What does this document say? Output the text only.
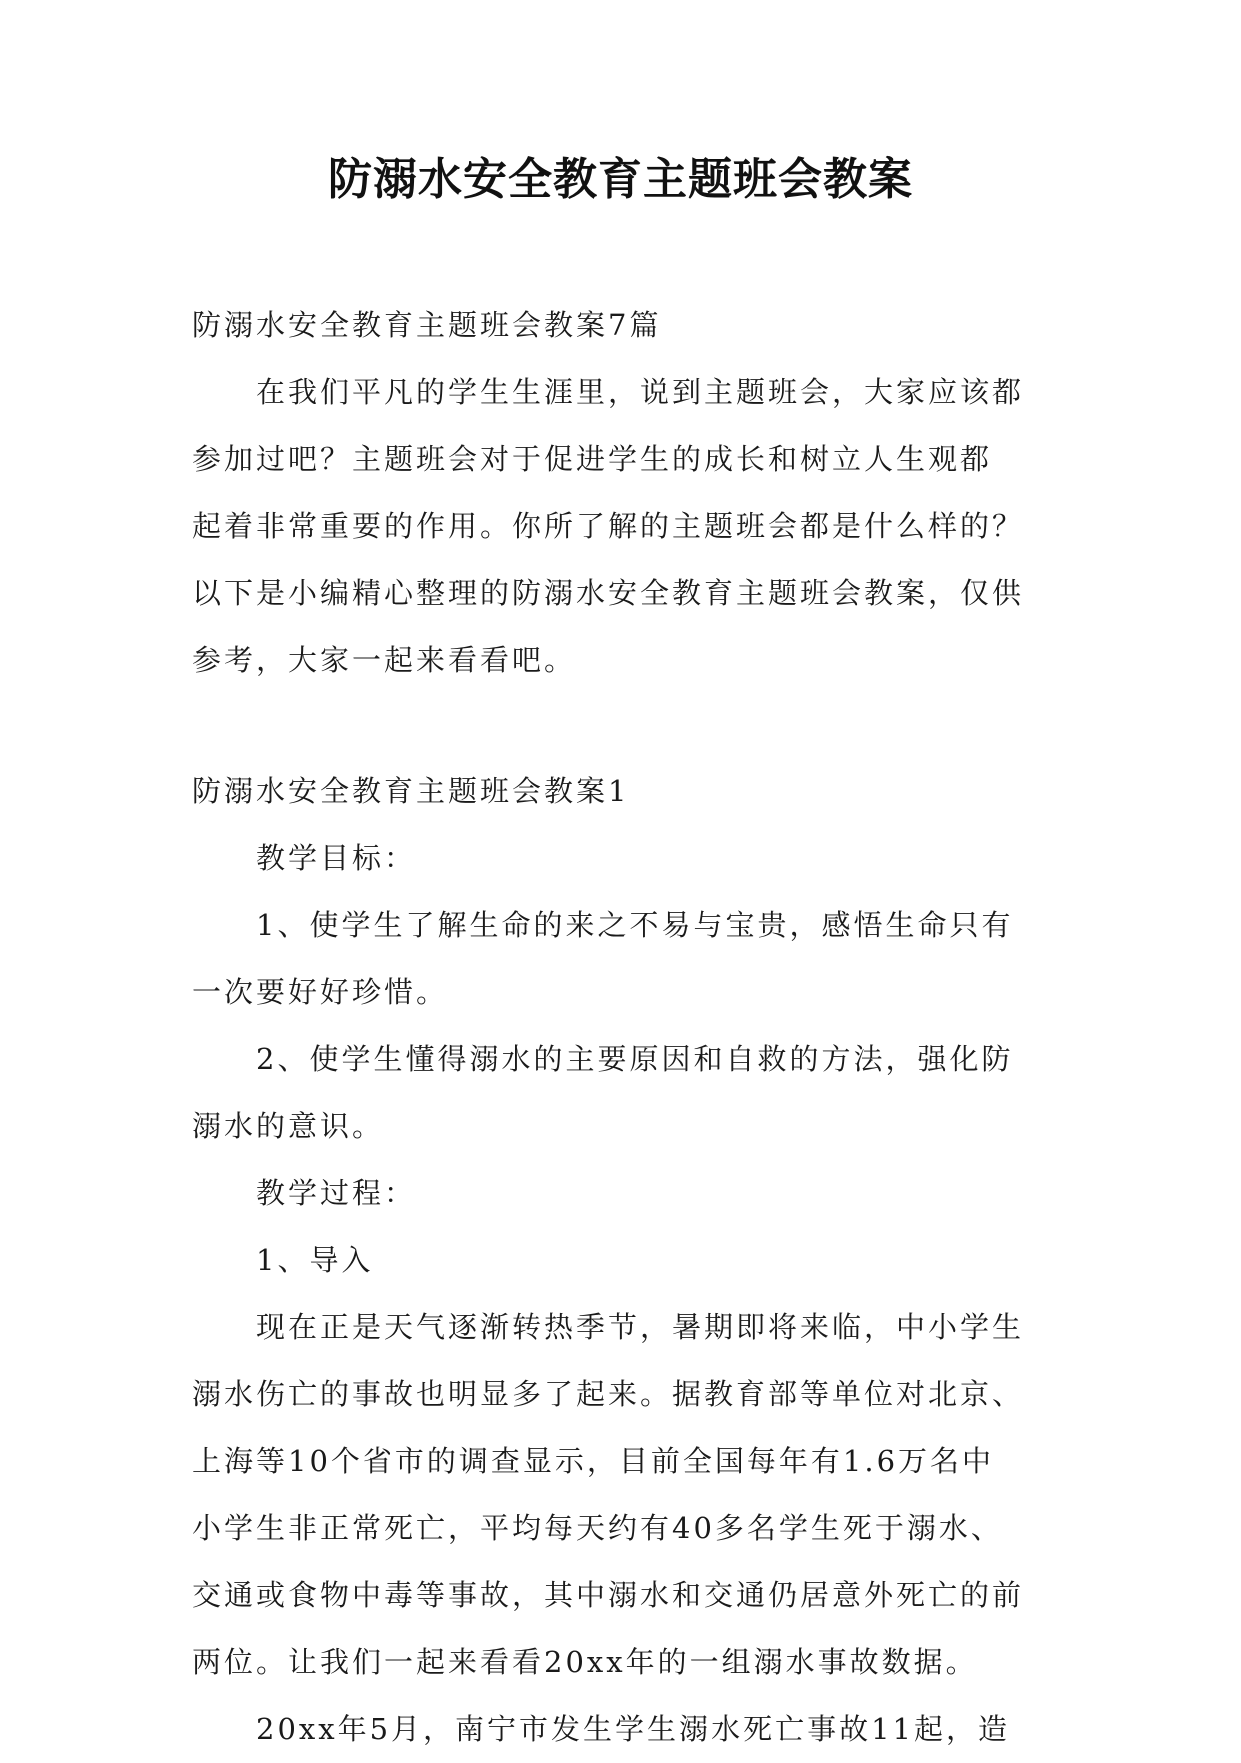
防溺水安全教育主题班会教案
防溺水安全教育主题班会教案7篇
在我们平凡的学生生涯里，说到主题班会，大家应该都
参加过吧？主题班会对于促进学生的成长和树立人生观都
起着非常重要的作用。你所了解的主题班会都是什么样的？
以下是小编精心整理的防溺水安全教育主题班会教案，仅供
参考，大家一起来看看吧。
防溺水安全教育主题班会教案1
教学目标：
1、使学生了解生命的来之不易与宝贵，感悟生命只有
一次要好好珍惜。
2、使学生懂得溺水的主要原因和自救的方法，强化防
溺水的意识。
教学过程：
1、导入
现在正是天气逐渐转热季节，暑期即将来临，中小学生
溺水伤亡的事故也明显多了起来。据教育部等单位对北京、
上海等10个省市的调查显示，目前全国每年有1.6万名中
小学生非正常死亡，平均每天约有40多名学生死于溺水、
交通或食物中毒等事故，其中溺水和交通仍居意外死亡的前
两位。让我们一起来看看20xx年的一组溺水事故数据。
20xx年5月，南宁市发生学生溺水死亡事故11起，造
